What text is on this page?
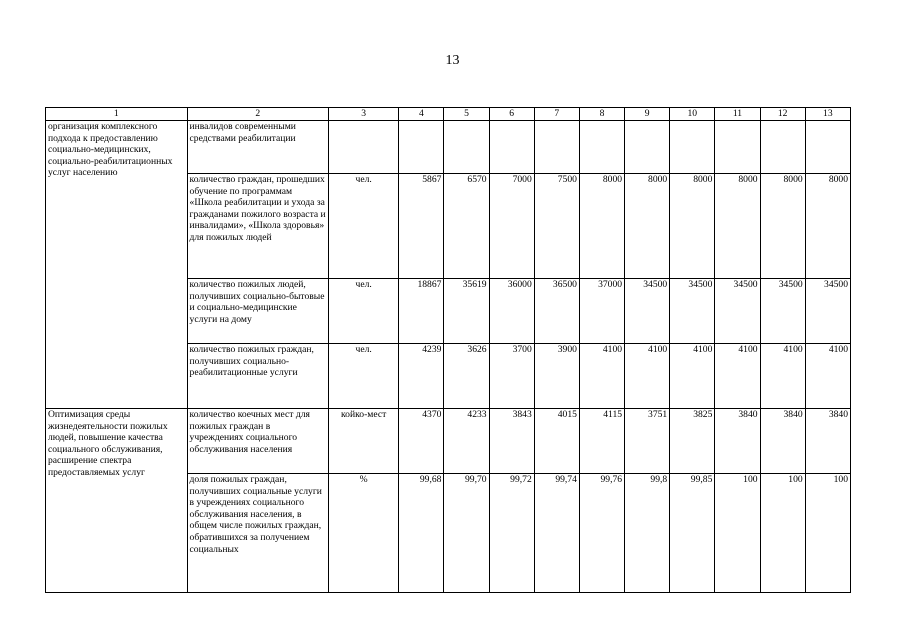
13
1	2	3	4	5	6	7	8	9	10	11	12	13
организация комплексного подхода к предоставлению социально-медицинских, социально-реабилитационных услуг населению	инвалидов современными средствами реабилитации											
	количество граждан, прошедших обучение по программам «Школа реабилитации и ухода за гражданами пожилого возраста и инвалидами», «Школа здоровья» для пожилых людей	чел.	5867	6570	7000	7500	8000	8000	8000	8000	8000	8000
	количество пожилых людей, получивших социально-бытовые и социально-медицинские услуги на дому	чел.	18867	35619	36000	36500	37000	34500	34500	34500	34500	34500
	количество пожилых граждан, получивших социально-реабилитационные услуги	чел.	4239	3626	3700	3900	4100	4100	4100	4100	4100	4100
Оптимизация среды жизнедеятельности пожилых людей, повышение качества социального обслуживания, расширение спектра предоставляемых услуг	количество коечных мест для пожилых граждан в учреждениях социального обслуживания населения	койко-мест	4370	4233	3843	4015	4115	3751	3825	3840	3840	3840
	доля пожилых граждан, получивших социальные услуги в учреждениях социального обслуживания населения, в общем числе пожилых граждан, обратившихся за получением социальных	%	99,68	99,70	99,72	99,74	99,76	99,8	99,85	100	100	100
